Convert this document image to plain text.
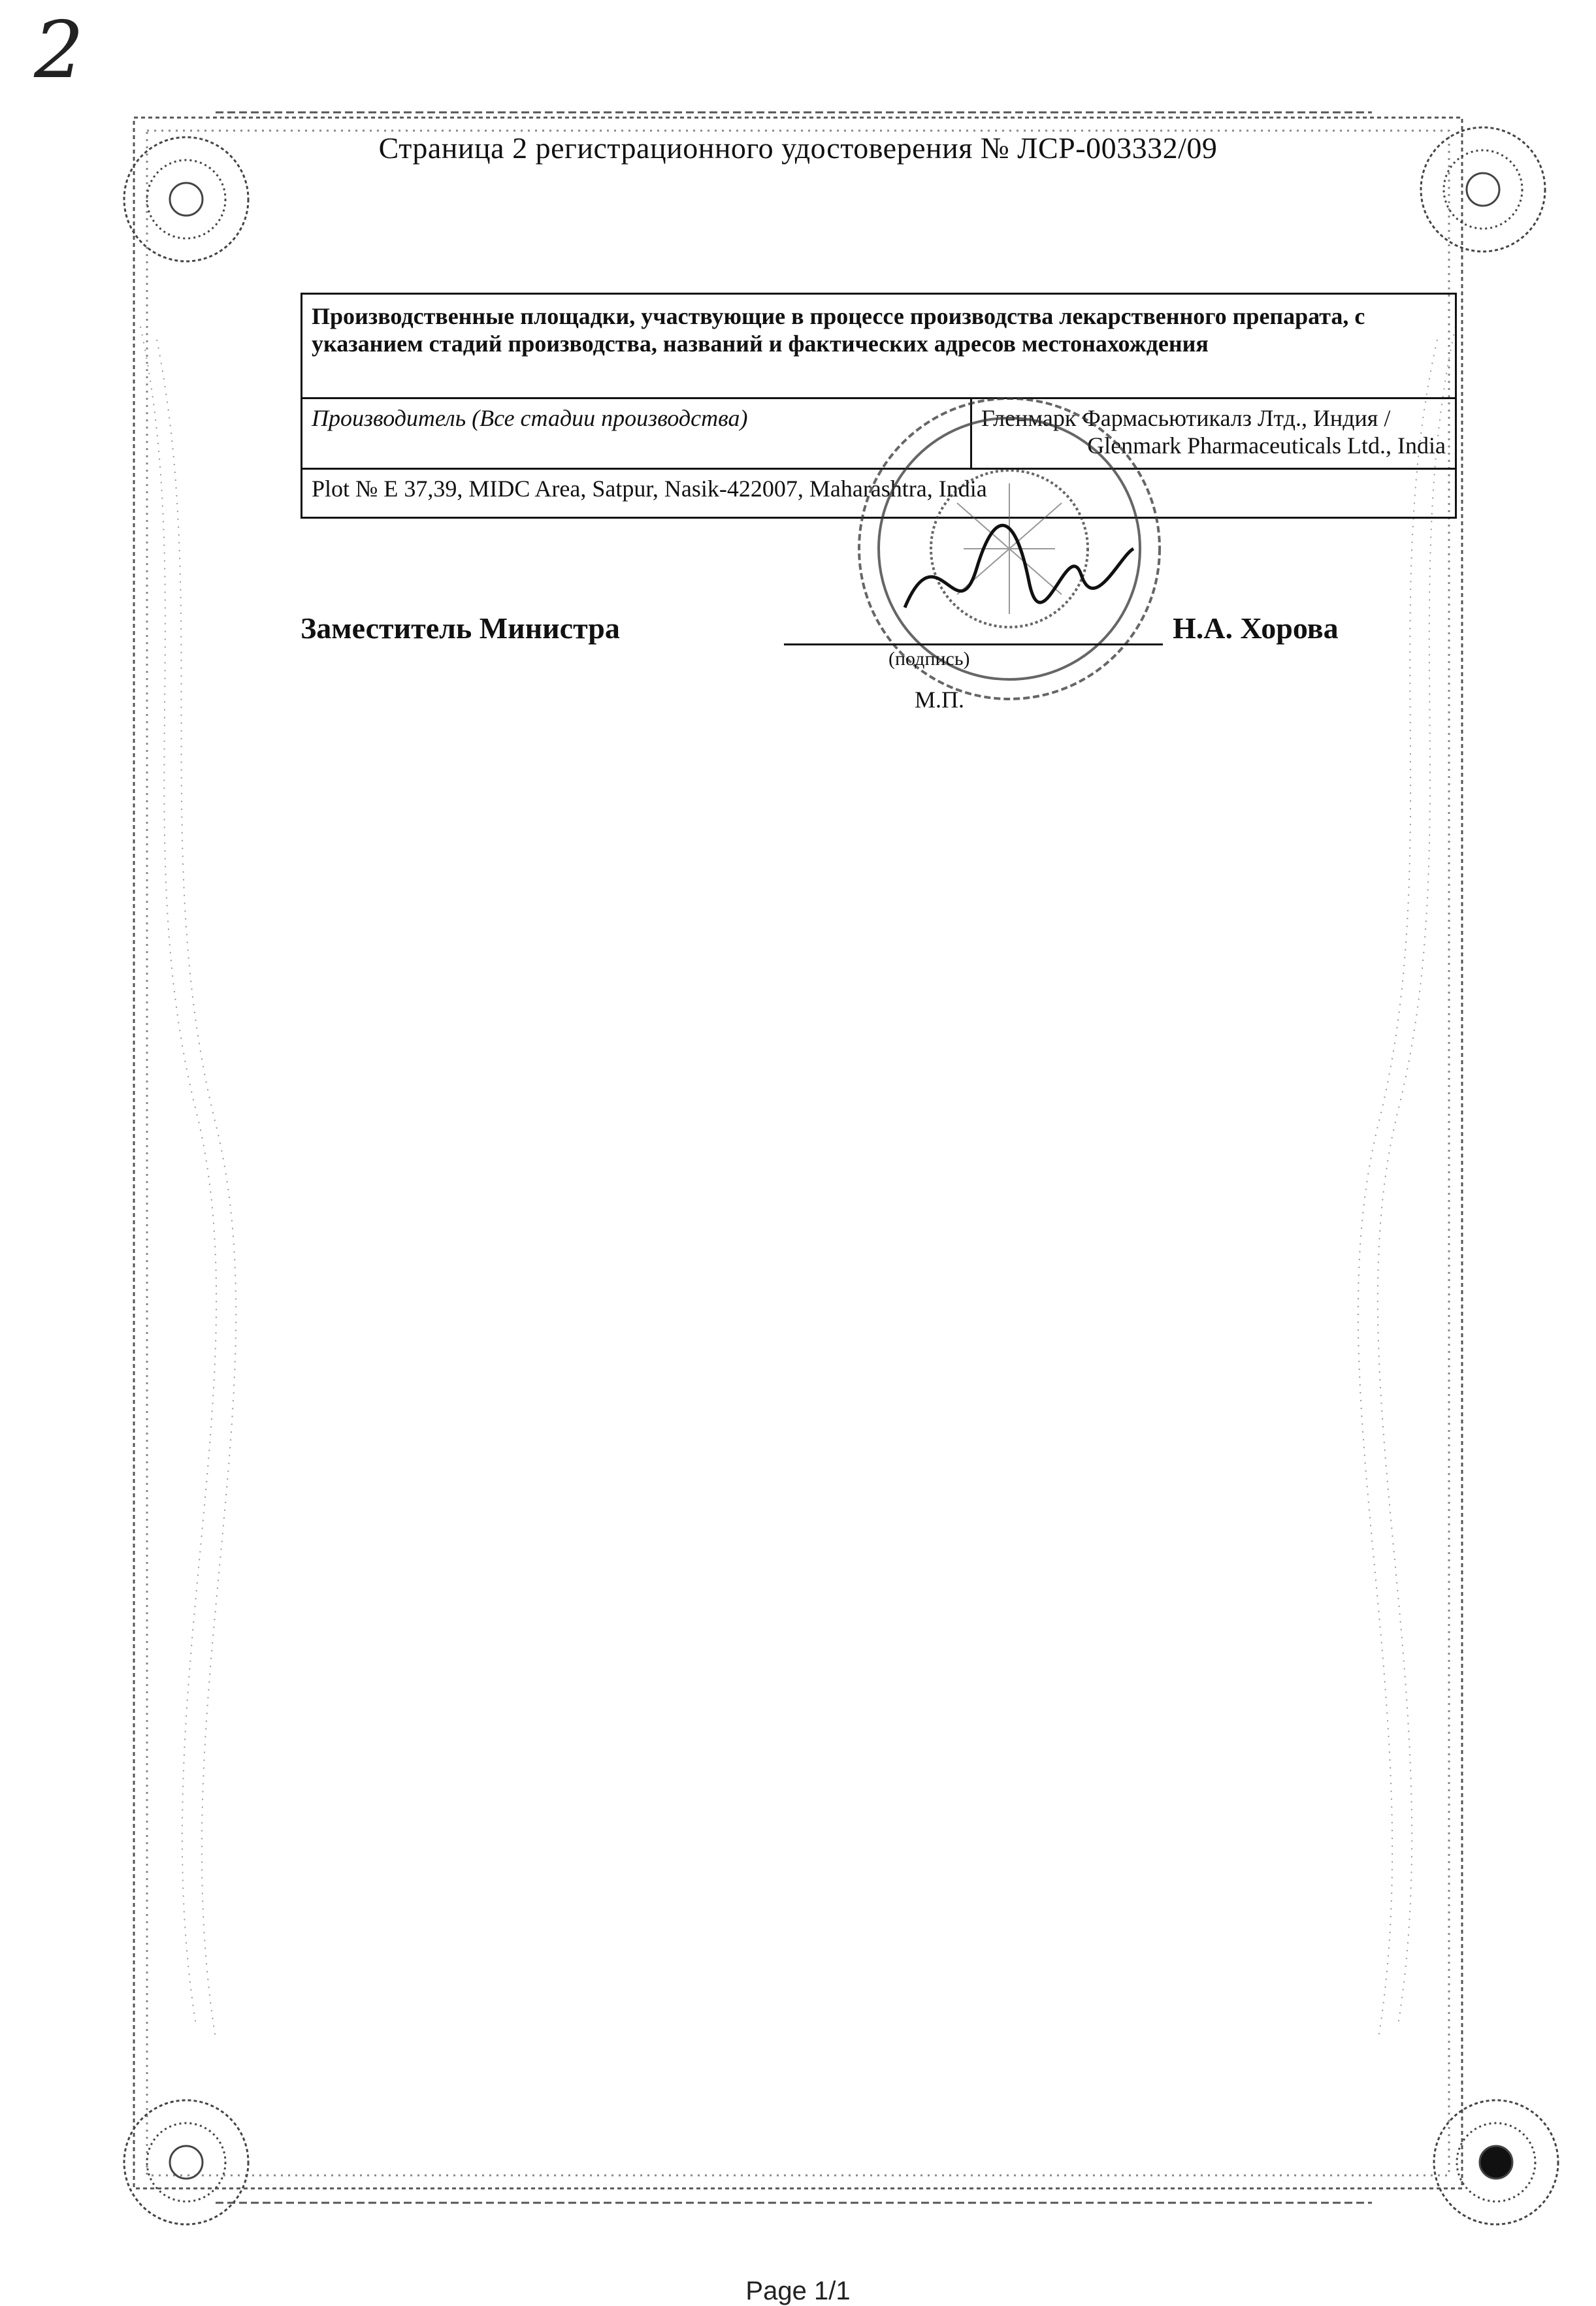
2
Страница 2 регистрационного удостоверения № ЛСР-003332/09
Производственные площадки, участвующие в процессе производства лекарственного препарата, с указанием стадий производства, названий и фактических адресов местонахождения
Производитель (Все стадии производства)	Гленмарк Фармасьютикалз Лтд., Индия /
Glenmark Pharmaceuticals Ltd., India
Plot № E 37,39, MIDC Area, Satpur, Nasik-422007, Maharashtra, India
Заместитель Министра
(подпись)
М.П.
Н.А. Хорова
Page 1/1
